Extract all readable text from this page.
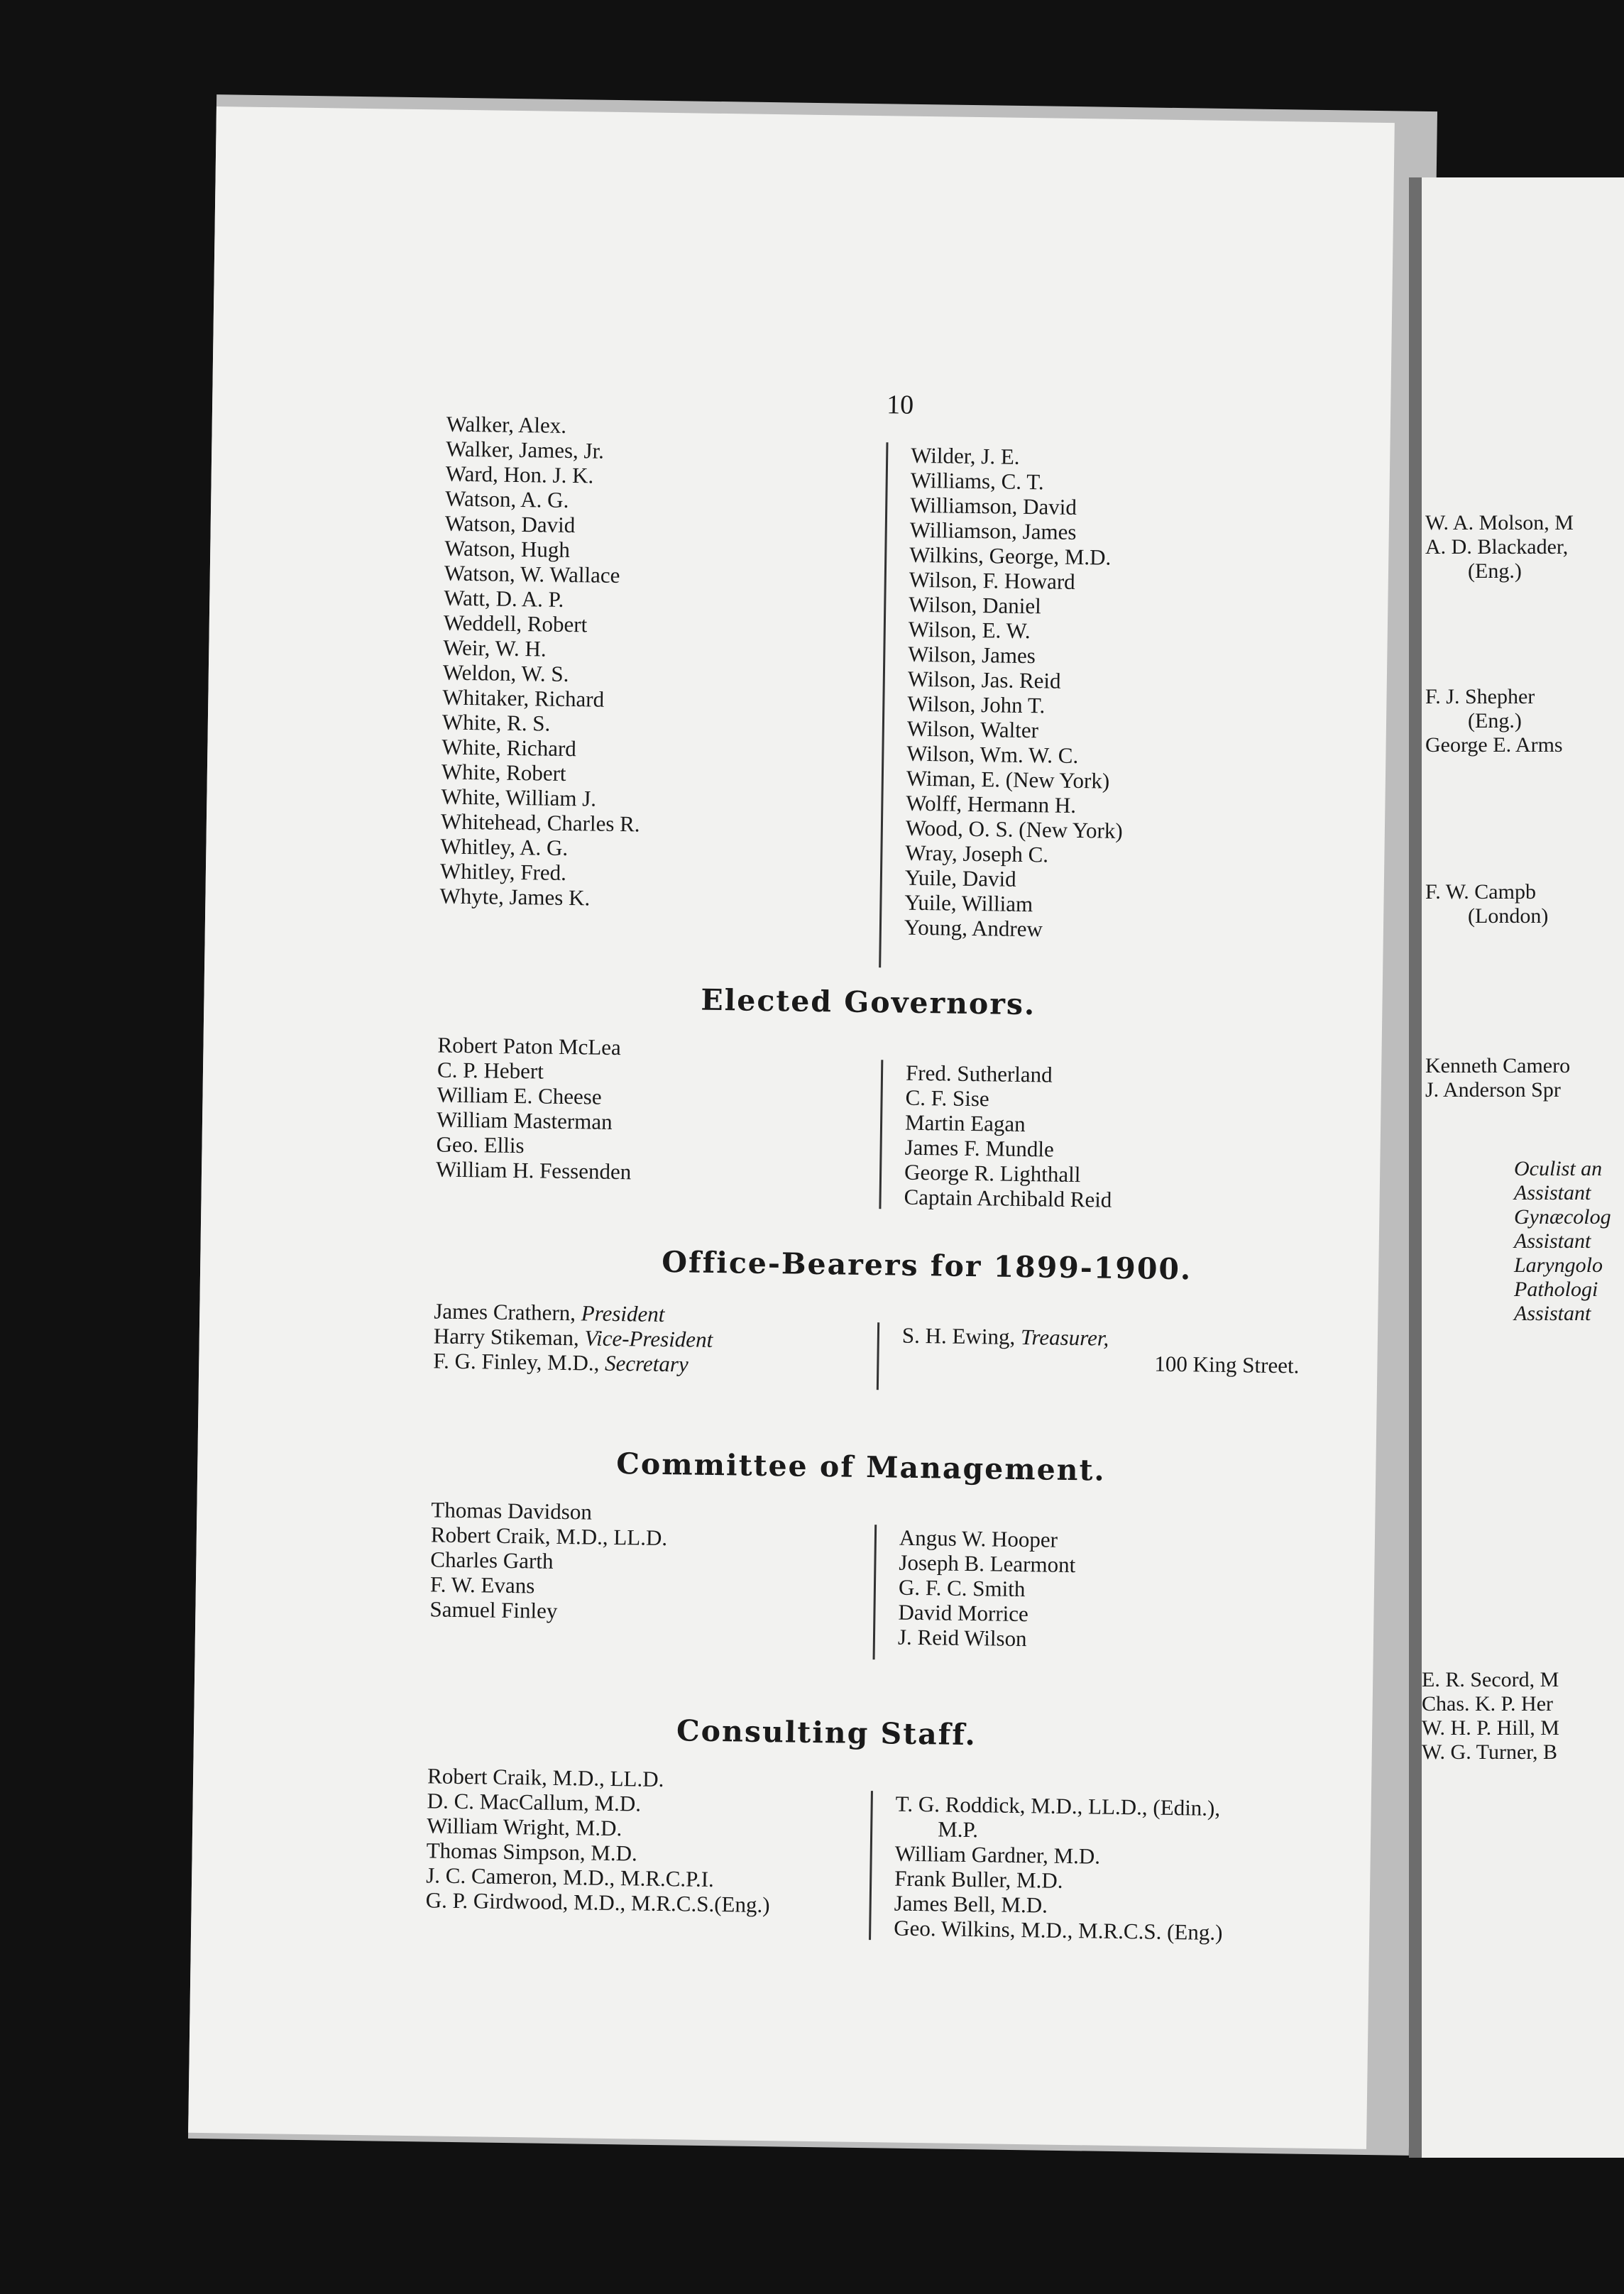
10
Walker, Alex.
Walker, James, Jr.
Ward, Hon. J. K.
Watson, A. G.
Watson, David
Watson, Hugh
Watson, W. Wallace
Watt, D. A. P.
Weddell, Robert
Weir, W. H.
Weldon, W. S.
Whitaker, Richard
White, R. S.
White, Richard
White, Robert
White, William J.
Whitehead, Charles R.
Whitley, A. G.
Whitley, Fred.
Whyte, James K.
Wilder, J. E.
Williams, C. T.
Williamson, David
Williamson, James
Wilkins, George, M.D.
Wilson, F. Howard
Wilson, Daniel
Wilson, E. W.
Wilson, James
Wilson, Jas. Reid
Wilson, John T.
Wilson, Walter
Wilson, Wm. W. C.
Wiman, E. (New York)
Wolff, Hermann H.
Wood, O. S. (New York)
Wray, Joseph C.
Yuile, David
Yuile, William
Young, Andrew
Elected Governors.
Robert Paton McLea
C. P. Hebert
William E. Cheese
William Masterman
Geo. Ellis
William H. Fessenden
Fred. Sutherland
C. F. Sise
Martin Eagan
James F. Mundle
George R. Lighthall
Captain Archibald Reid
Office-Bearers for 1899-1900.
James Crathern, President
Harry Stikeman, Vice-President
F. G. Finley, M.D., Secretary
S. H. Ewing, Treasurer,
100 King Street.
Committee of Management.
Thomas Davidson
Robert Craik, M.D., LL.D.
Charles Garth
F. W. Evans
Samuel Finley
Angus W. Hooper
Joseph B. Learmont
G. F. C. Smith
David Morrice
J. Reid Wilson
Consulting Staff.
Robert Craik, M.D., LL.D.
D. C. MacCallum, M.D.
William Wright, M.D.
Thomas Simpson, M.D.
J. C. Cameron, M.D., M.R.C.P.I.
G. P. Girdwood, M.D., M.R.C.S.(Eng.)
T. G. Roddick, M.D., LL.D., (Edin.),
M.P.
William Gardner, M.D.
Frank Buller, M.D.
James Bell, M.D.
Geo. Wilkins, M.D., M.R.C.S. (Eng.)
W. A. Molson, M
A. D. Blackader,
(Eng.)
F. J. Shepher
(Eng.)
George E. Arms
F. W. Campb
(London)
Kenneth Camero
J. Anderson Spr
Oculist an
Assistant
Gynæcolog
Assistant
Laryngolo
Pathologi
Assistant
E. R. Secord, M
Chas. K. P. Her
W. H. P. Hill, M
W. G. Turner, B
